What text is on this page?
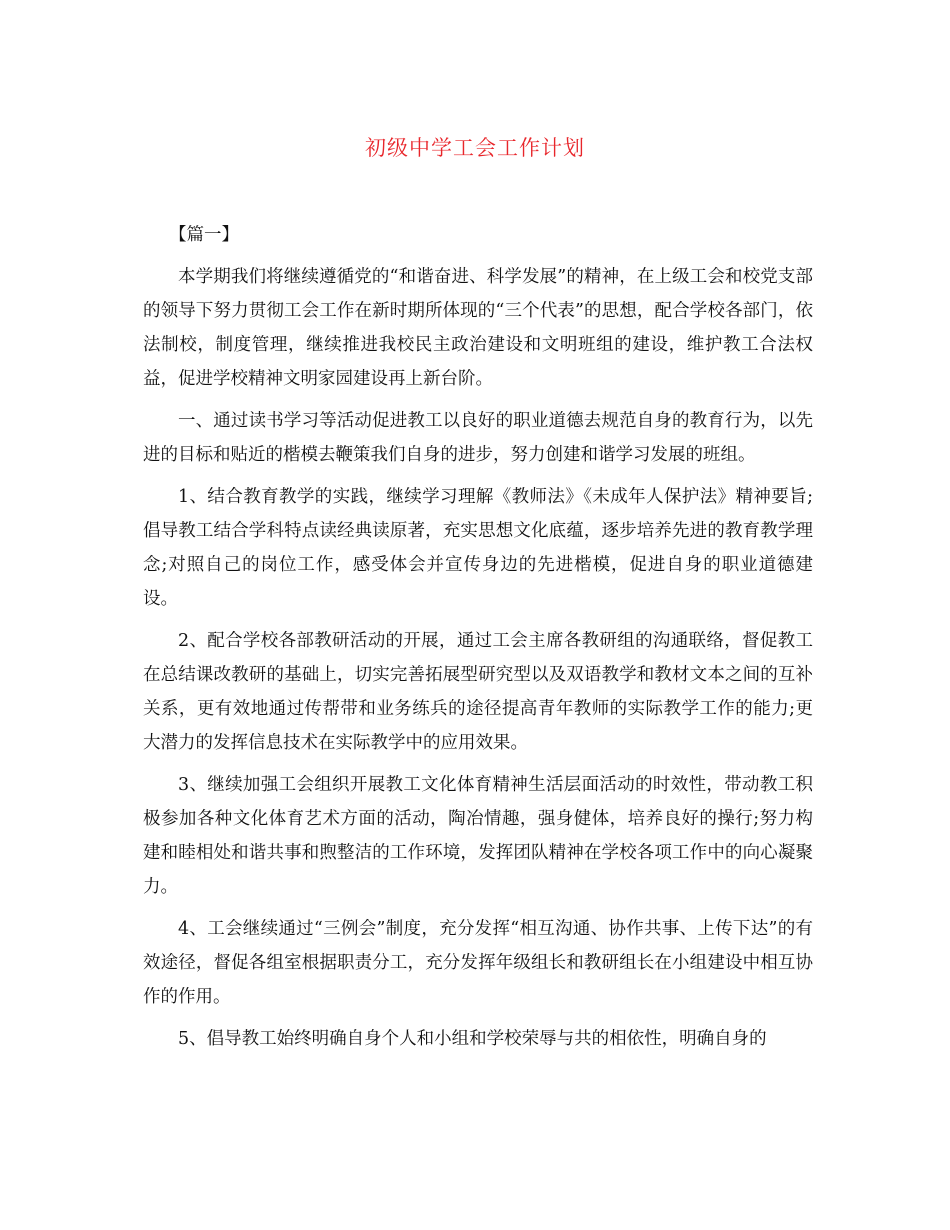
初级中学工会工作计划

【篇一】

本学期我们将继续遵循党的“和谐奋进、科学发展”的精神，在上级工会和校党支部的领导下努力贯彻工会工作在新时期所体现的“三个代表”的思想，配合学校各部门，依法制校，制度管理，继续推进我校民主政治建设和文明班组的建设，维护教工合法权益，促进学校精神文明家园建设再上新台阶。

一、通过读书学习等活动促进教工以良好的职业道德去规范自身的教育行为，以先进的目标和贴近的楷模去鞭策我们自身的进步，努力创建和谐学习发展的班组。

1、结合教育教学的实践，继续学习理解《教师法》《未成年人保护法》精神要旨;倡导教工结合学科特点读经典读原著，充实思想文化底蕴，逐步培养先进的教育教学理念;对照自己的岗位工作，感受体会并宣传身边的先进楷模，促进自身的职业道德建设。

2、配合学校各部教研活动的开展，通过工会主席各教研组的沟通联络，督促教工在总结课改教研的基础上，切实完善拓展型研究型以及双语教学和教材文本之间的互补关系，更有效地通过传帮带和业务练兵的途径提高青年教师的实际教学工作的能力;更大潜力的发挥信息技术在实际教学中的应用效果。

3、继续加强工会组织开展教工文化体育精神生活层面活动的时效性，带动教工积极参加各种文化体育艺术方面的活动，陶冶情趣，强身健体，培养良好的操行;努力构建和睦相处和谐共事和煦整洁的工作环境，发挥团队精神在学校各项工作中的向心凝聚力。

4、工会继续通过“三例会”制度，充分发挥“相互沟通、协作共事、上传下达”的有效途径，督促各组室根据职责分工，充分发挥年级组长和教研组长在小组建设中相互协作的作用。

5、倡导教工始终明确自身个人和小组和学校荣辱与共的相依性，明确自身的
